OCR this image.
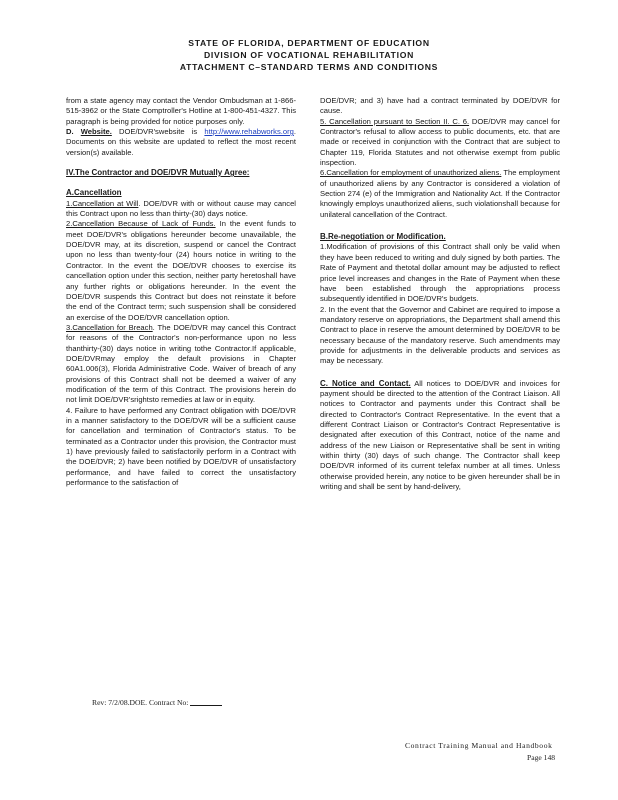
STATE OF FLORIDA, DEPARTMENT OF EDUCATION
DIVISION OF VOCATIONAL REHABILITATION
ATTACHMENT C–STANDARD TERMS AND CONDITIONS

from a state agency may contact the Vendor Ombudsman at 1-866-515-3962 or the State Comptroller's Hotline at 1-800-451-4327. This paragraph is being provided for notice purposes only.

D. Website. DOE/DVR'swebsite is http://www.rehabworks.org. Documents on this website are updated to reflect the most recent version(s) available.

IV.The Contractor and DOE/DVR Mutually Agree:

A.Cancellation

1.Cancellation at Will. DOE/DVR with or without cause may cancel this Contract upon no less than thirty-(30) days notice.

2.Cancellation Because of Lack of Funds. In the event funds to meet DOE/DVR's obligations hereunder become unavailable, the DOE/DVR may, at its discretion, suspend or cancel the Contract upon no less than twenty-four (24) hours notice in writing to the Contractor. In the event the DOE/DVR chooses to exercise its cancellation option under this section, neither party heretoshall have any further rights or obligations hereunder. In the event the DOE/DVR suspends this Contract but does not reinstate it before the end of the Contract term; such suspension shall be considered an exercise of the DOE/DVR cancellation option.

3.Cancellation for Breach. The DOE/DVR may cancel this Contract for reasons of the Contractor's non-performance upon no less thanthirty-(30) days notice in writing tothe Contractor.If applicable, DOE/DVRmay employ the default provisions in Chapter 60A1.006(3), Florida Administrative Code. Waiver of breach of any provisions of this Contract shall not be deemed a waiver of any modification of the term of this Contract. The provisions herein do not limit DOE/DVR'srightsto remedies at law or in equity.

4. Failure to have performed any Contract obligation with DOE/DVR in a manner satisfactory to the DOE/DVR will be a sufficient cause for cancellation and termination of Contractor's status. To be terminated as a Contractor under this provision, the Contractor must 1) have previously failed to satisfactorily perform in a Contract with the DOE/DVR; 2) have been notified by DOE/DVR of unsatisfactory performance, and have failed to correct the unsatisfactory performance to the satisfaction of

DOE/DVR; and 3) have had a contract terminated by DOE/DVR for cause.

5. Cancellation pursuant to Section II. C. 6. DOE/DVR may cancel for Contractor's refusal to allow access to public documents, etc. that are made or received in conjunction with the Contract that are subject to Chapter 119, Florida Statutes and not otherwise exempt from public inspection.

6.Cancellation for employment of unauthorized aliens. The employment of unauthorized aliens by any Contractor is considered a violation of Section 274 (e) of the Immigration and Nationality Act. If the Contractor knowingly employs unauthorized aliens, such violationshall because for unilateral cancellation of the Contract.

B.Re-negotiation or Modification.

1.Modification of provisions of this Contract shall only be valid when they have been reduced to writing and duly signed by both parties. The Rate of Payment and thetotal dollar amount may be adjusted to reflect price level increases and changes in the Rate of Payment when these have been established through the appropriations process subsequently identified in DOE/DVR's budgets.

2. In the event that the Governor and Cabinet are required to impose a mandatory reserve on appropriations, the Department shall amend this Contract to place in reserve the amount determined by DOE/DVR to be necessary because of the mandatory reserve. Such amendments may provide for adjustments in the deliverable products and services as may be necessary.

C. Notice and Contact. All notices to DOE/DVR and invoices for payment should be directed to the attention of the Contract Liaison. All notices to Contractor and payments under this Contract shall be directed to Contractor's Contract Representative. In the event that a different Contract Liaison or Contractor's Contract Representative is designated after execution of this Contract, notice of the name and address of the new Liaison or Representative shall be sent in writing within thirty (30) days of such change. The Contractor shall keep DOE/DVR informed of its current telefax number at all times. Unless otherwise provided herein, any notice to be given hereunder shall be in writing and shall be sent by hand-delivery,

Rev: 7/2/08.DOE. Contract No:
Contract Training Manual and Handbook
Page 148
